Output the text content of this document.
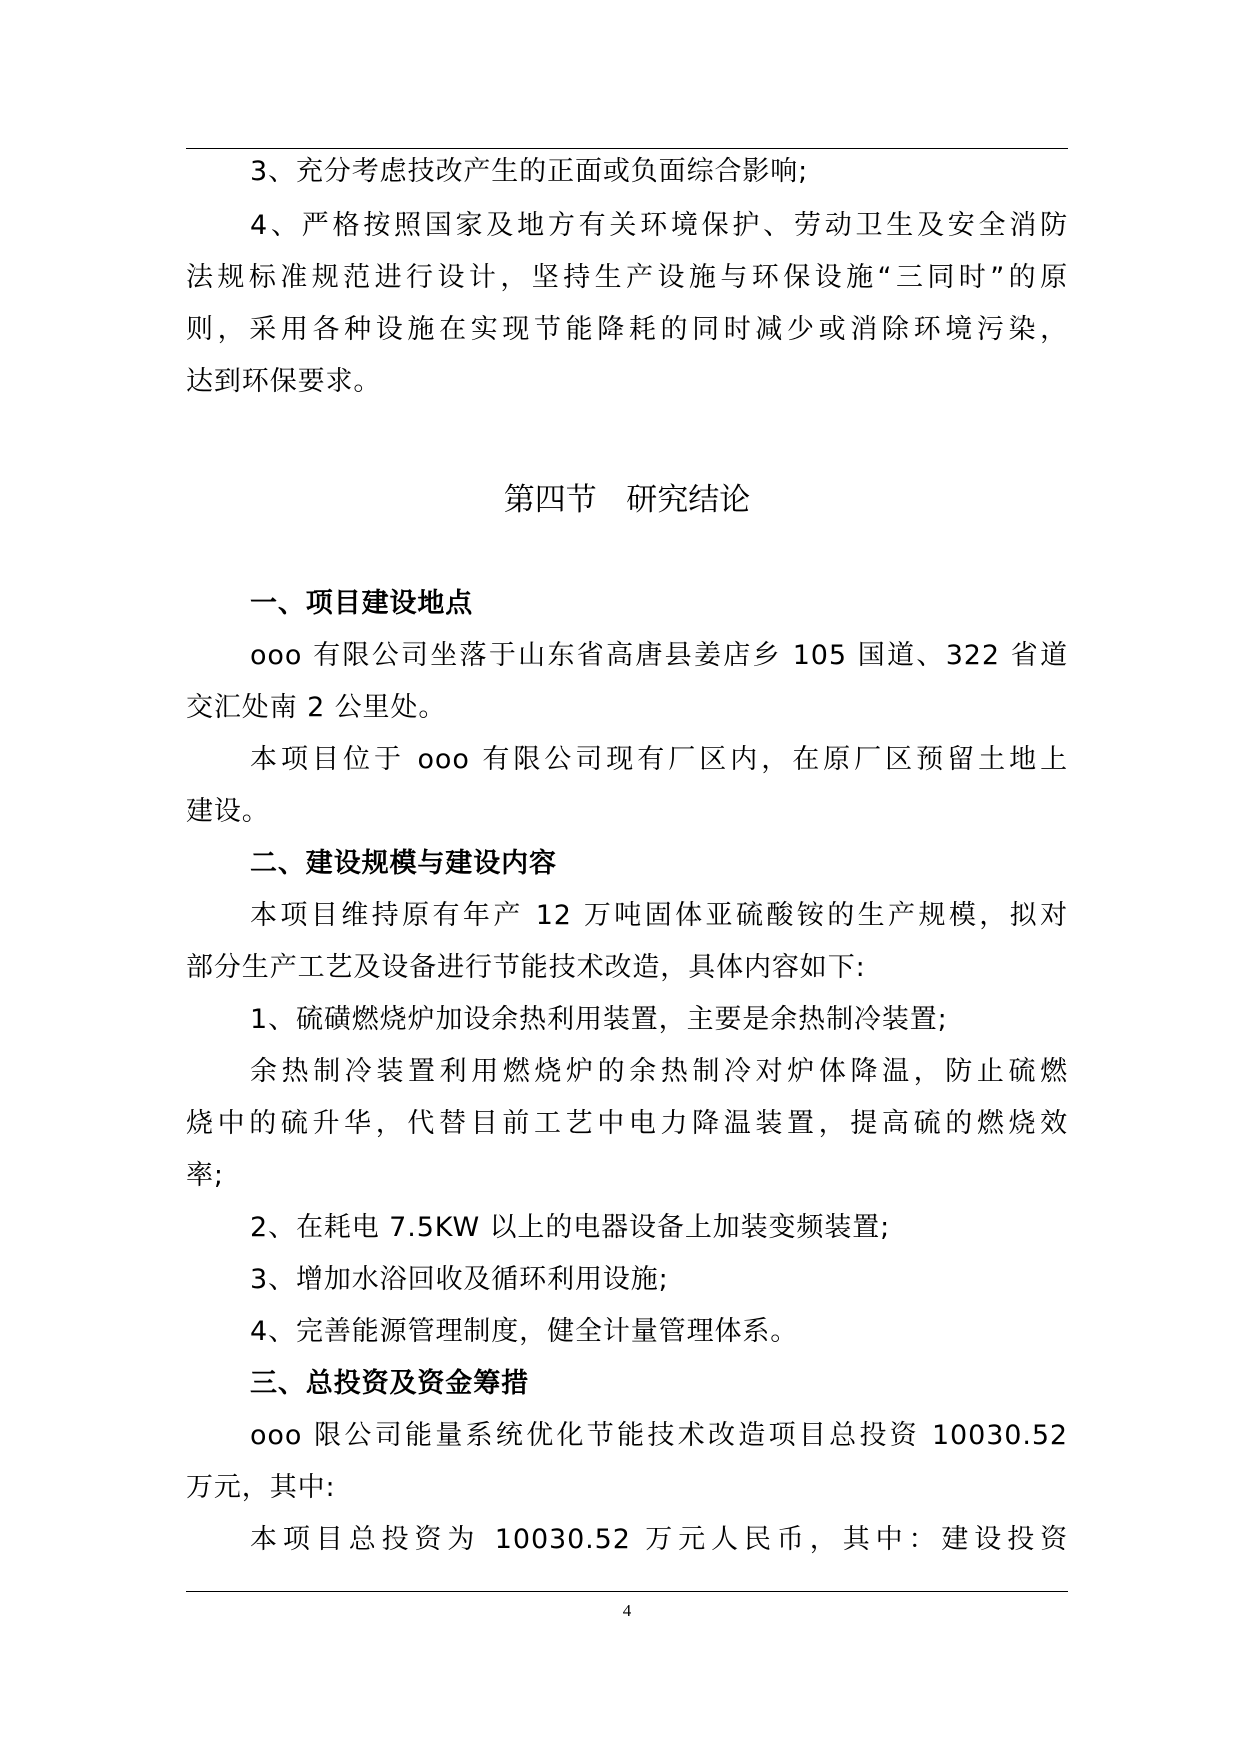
3、充分考虑技改产生的正面或负面综合影响;
4、严格按照国家及地方有关环境保护、劳动卫生及安全消防
法规标准规范进行设计，坚持生产设施与环保设施“三同时”的原
则，采用各种设施在实现节能降耗的同时减少或消除环境污染，
达到环保要求。
第四节   研究结论
一、项目建设地点
ooo 有限公司坐落于山东省高唐县姜店乡 105 国道、322 省道
交汇处南 2 公里处。
本项目位于 ooo 有限公司现有厂区内，在原厂区预留土地上
建设。
二、建设规模与建设内容
本项目维持原有年产 12 万吨固体亚硫酸铵的生产规模，拟对
部分生产工艺及设备进行节能技术改造，具体内容如下:
1、硫磺燃烧炉加设余热利用装置，主要是余热制冷装置;
余热制冷装置利用燃烧炉的余热制冷对炉体降温，防止硫燃
烧中的硫升华，代替目前工艺中电力降温装置，提高硫的燃烧效
率;
2、在耗电 7.5KW 以上的电器设备上加装变频装置;
3、增加水浴回收及循环利用设施;
4、完善能源管理制度，健全计量管理体系。
三、总投资及资金筹措
ooo 限公司能量系统优化节能技术改造项目总投资 10030.52
万元，其中:
本项目总投资为 10030.52 万元人民币，其中：建设投资
4
